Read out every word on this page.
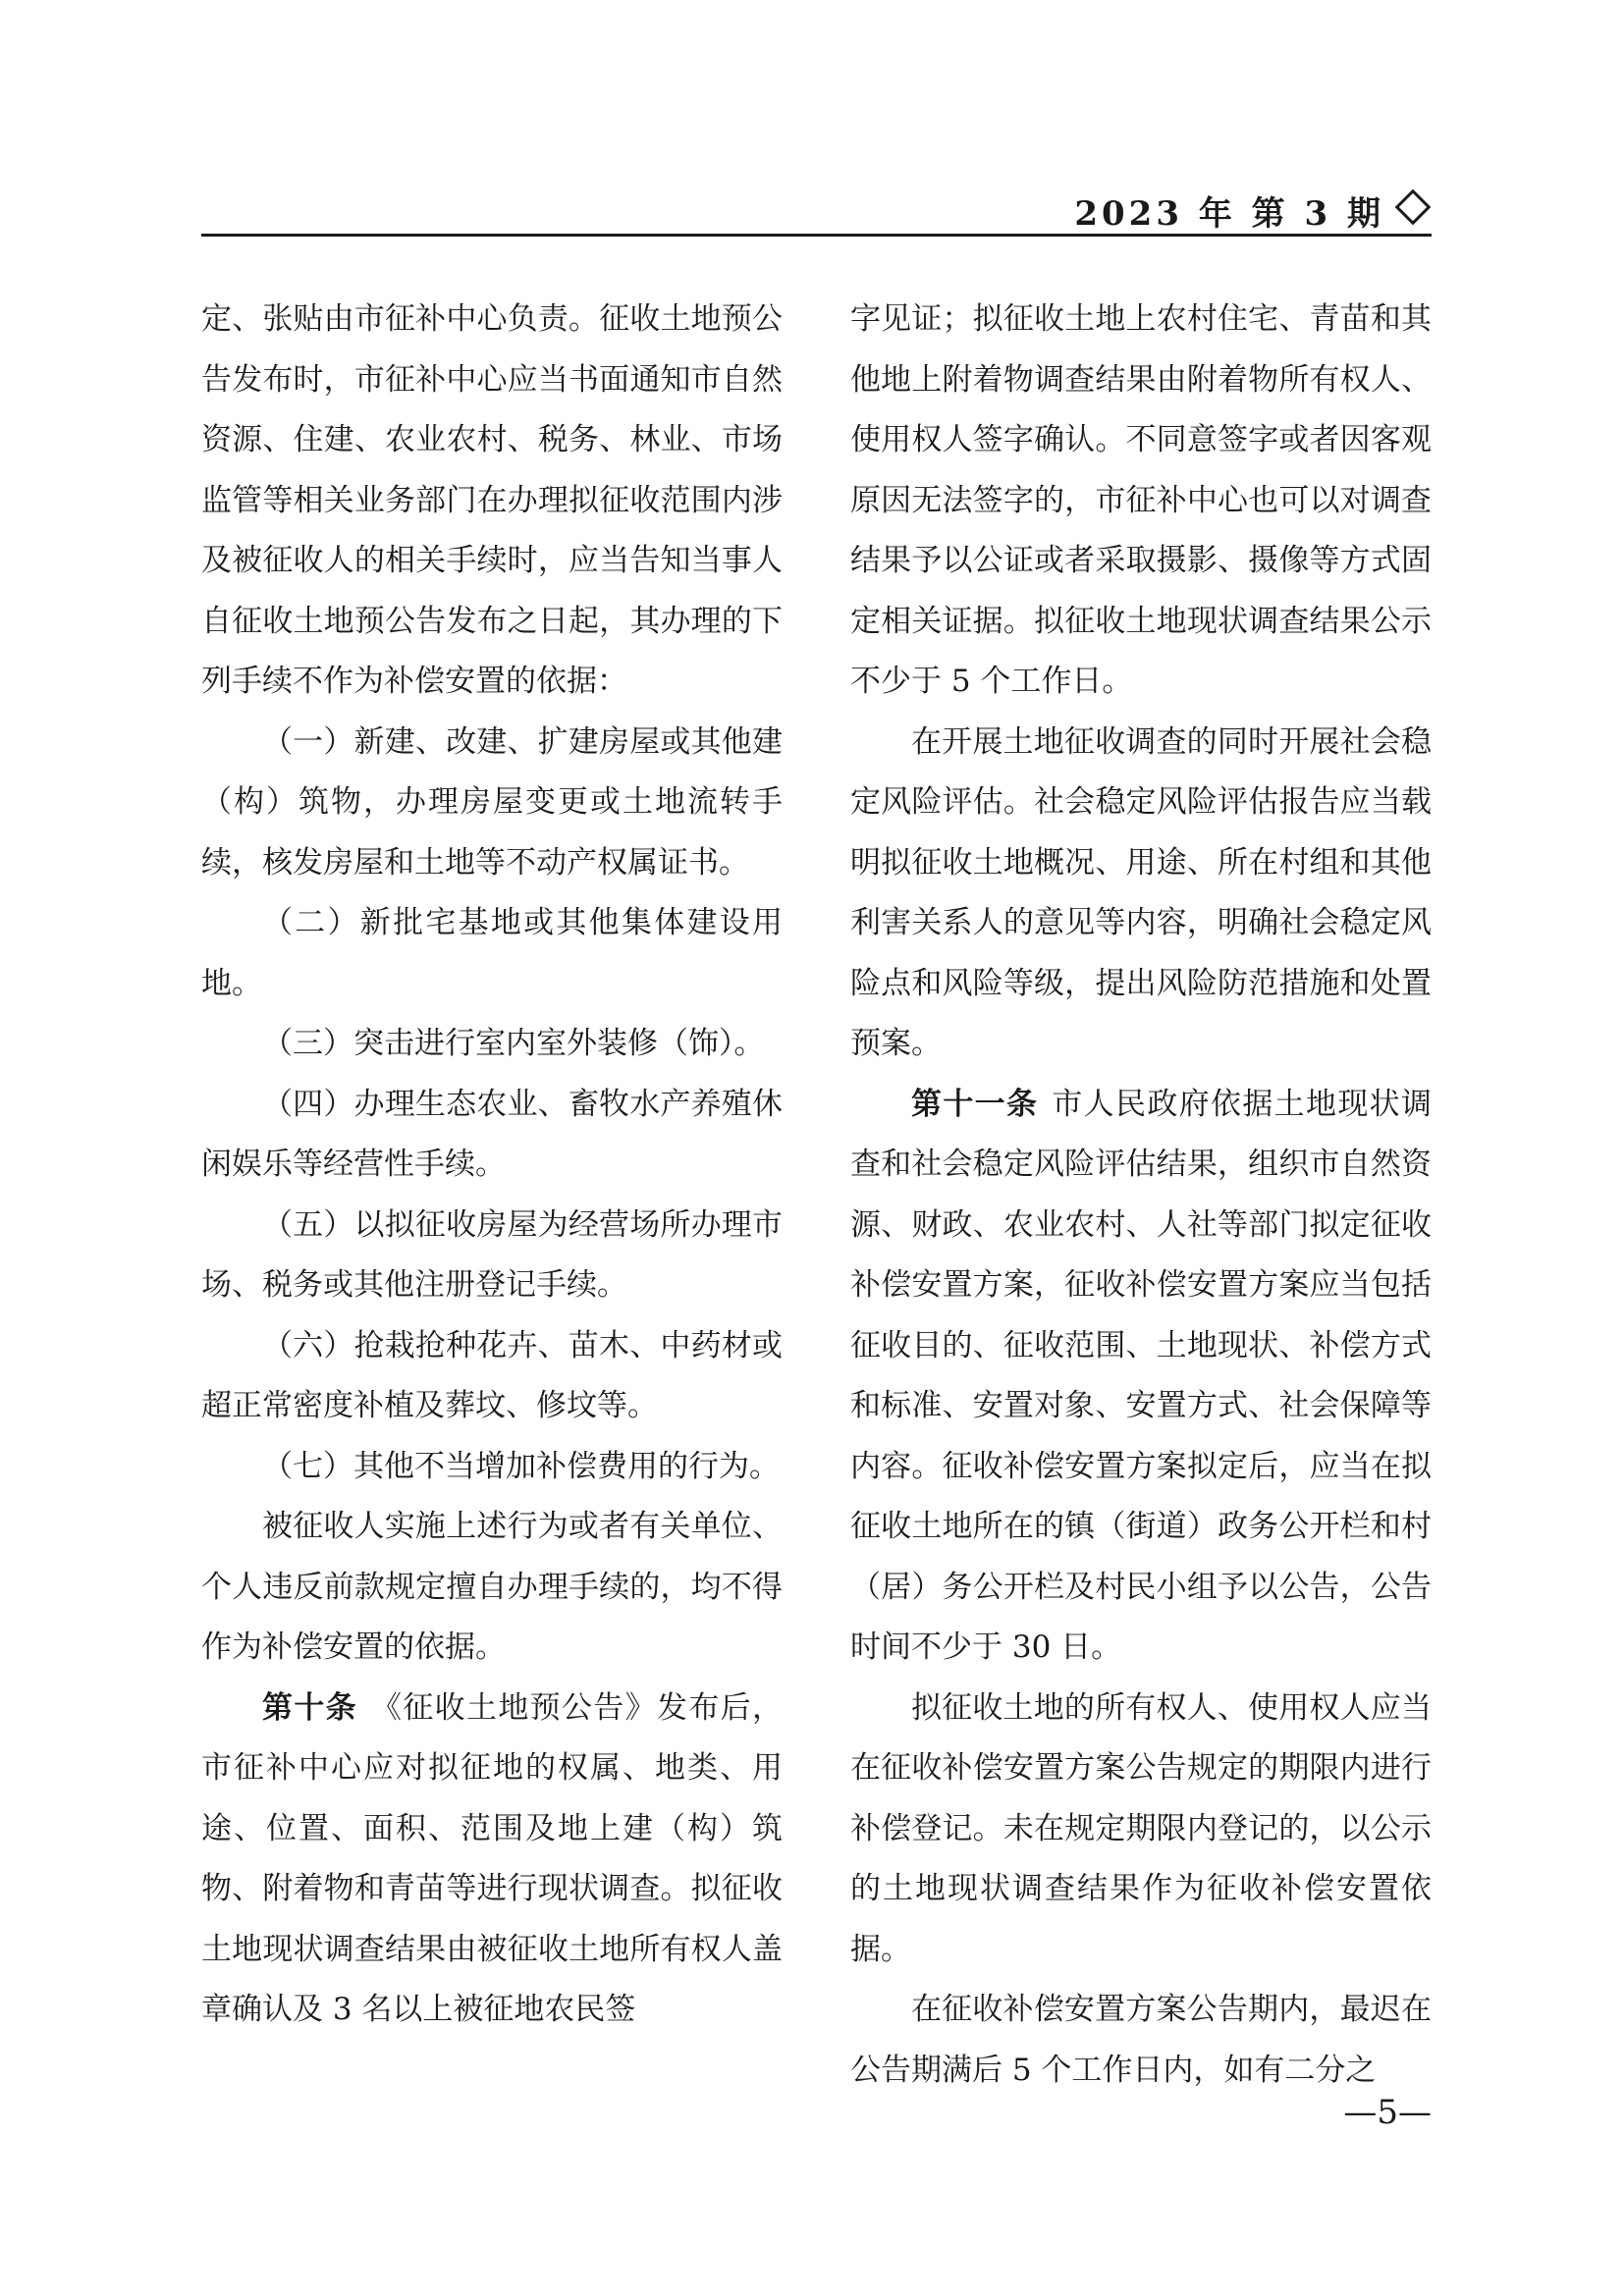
2023 年 第 3 期

定、张贴由市征补中心负责。征收土地预公告发布时，市征补中心应当书面通知市自然资源、住建、农业农村、税务、林业、市场监管等相关业务部门在办理拟征收范围内涉及被征收人的相关手续时，应当告知当事人自征收土地预公告发布之日起，其办理的下列手续不作为补偿安置的依据：

（一）新建、改建、扩建房屋或其他建（构）筑物，办理房屋变更或土地流转手续，核发房屋和土地等不动产权属证书。

（二）新批宅基地或其他集体建设用地。

（三）突击进行室内室外装修（饰）。

（四）办理生态农业、畜牧水产养殖休闲娱乐等经营性手续。

（五）以拟征收房屋为经营场所办理市场、税务或其他注册登记手续。

（六）抢栽抢种花卉、苗木、中药材或超正常密度补植及葬坟、修坟等。

（七）其他不当增加补偿费用的行为。

被征收人实施上述行为或者有关单位、个人违反前款规定擅自办理手续的，均不得作为补偿安置的依据。

第十条 《征收土地预公告》发布后，市征补中心应对拟征地的权属、地类、用途、位置、面积、范围及地上建（构）筑物、附着物和青苗等进行现状调查。拟征收土地现状调查结果由被征收土地所有权人盖章确认及 3 名以上被征地农民签

字见证；拟征收土地上农村住宅、青苗和其他地上附着物调查结果由附着物所有权人、使用权人签字确认。不同意签字或者因客观原因无法签字的，市征补中心也可以对调查结果予以公证或者采取摄影、摄像等方式固定相关证据。拟征收土地现状调查结果公示不少于 5 个工作日。

在开展土地征收调查的同时开展社会稳定风险评估。社会稳定风险评估报告应当载明拟征收土地概况、用途、所在村组和其他利害关系人的意见等内容，明确社会稳定风险点和风险等级，提出风险防范措施和处置预案。

第十一条 市人民政府依据土地现状调查和社会稳定风险评估结果，组织市自然资源、财政、农业农村、人社等部门拟定征收补偿安置方案，征收补偿安置方案应当包括征收目的、征收范围、土地现状、补偿方式和标准、安置对象、安置方式、社会保障等内容。征收补偿安置方案拟定后，应当在拟征收土地所在的镇（街道）政务公开栏和村（居）务公开栏及村民小组予以公告，公告时间不少于 30 日。

拟征收土地的所有权人、使用权人应当在征收补偿安置方案公告规定的期限内进行补偿登记。未在规定期限内登记的，以公示的土地现状调查结果作为征收补偿安置依据。

在征收补偿安置方案公告期内，最迟在公告期满后 5 个工作日内，如有二分之

—5—
